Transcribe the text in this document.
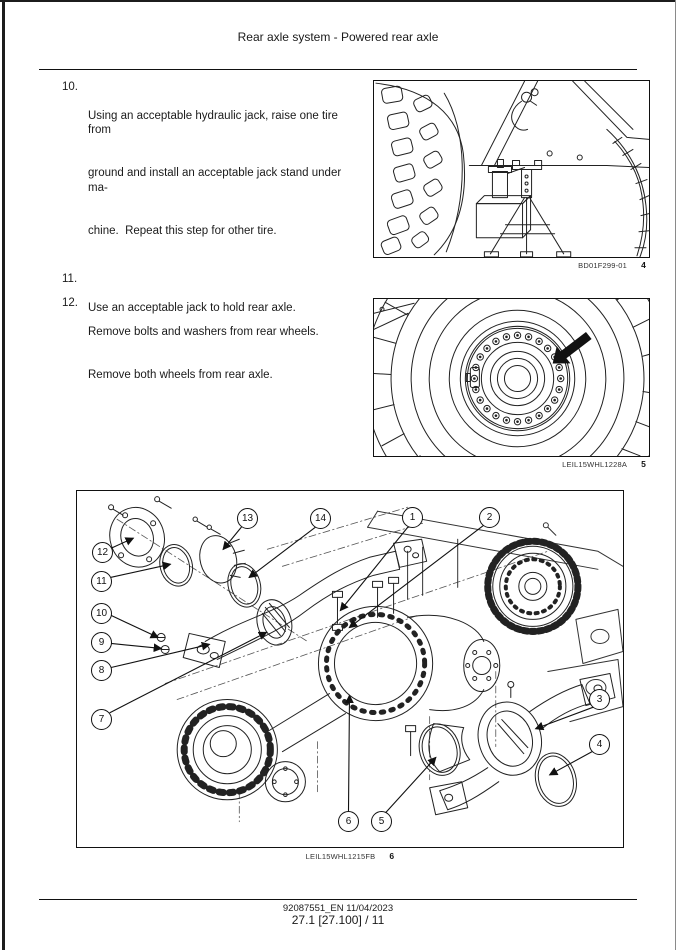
Rear axle system - Powered rear axle
10.

Using an acceptable hydraulic jack, raise one tire from

ground and install an acceptable jack stand under ma-

chine.  Repeat this step for other tire.

11.

Use an acceptable jack to hold rear axle.

12.

Remove bolts and washers from rear wheels.

Remove both wheels from rear axle.

BD01F299-01 4
LEIL15WHL1228A 5
1	2
3
4
5
6
7
8
9
10
11
12
13	14
LEIL15WHL1215FB 6
92087551_EN 11/04/2023
27.1 [27.100] / 11
